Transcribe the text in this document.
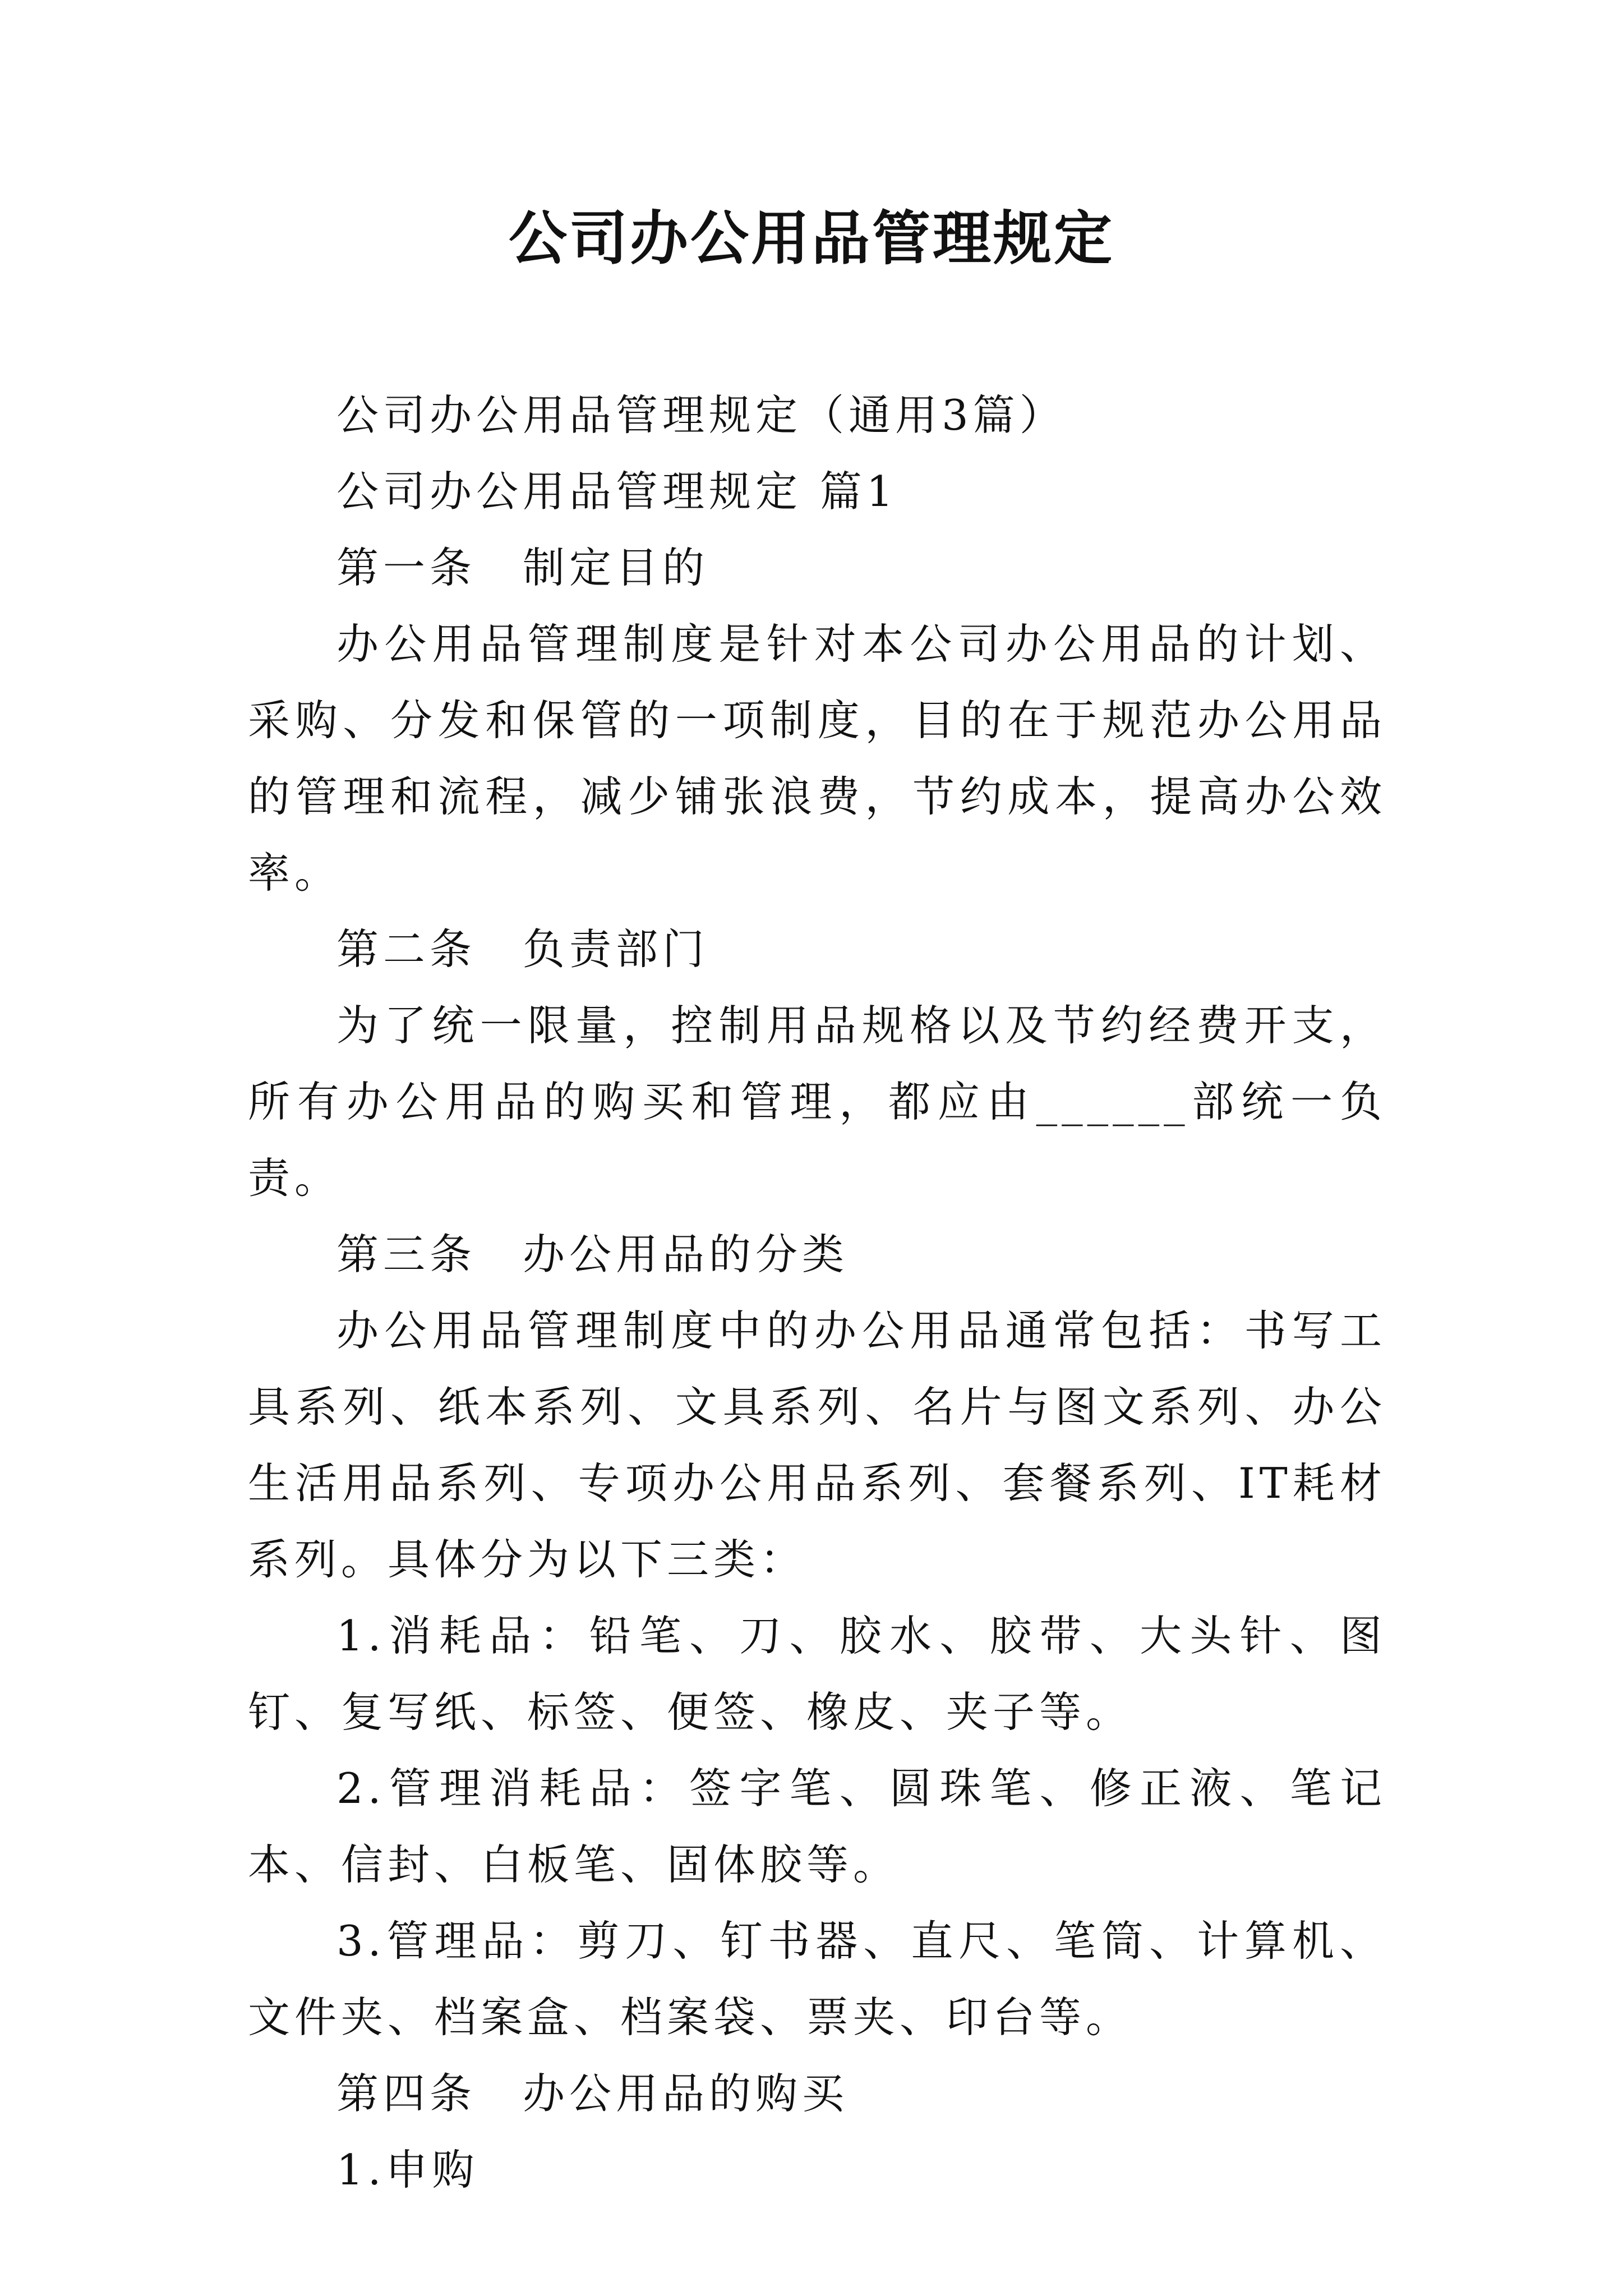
公司办公用品管理规定

公司办公用品管理规定（通用3篇）

公司办公用品管理规定 篇1

第一条　制定目的

办公用品管理制度是针对本公司办公用品的计划、采购、分发和保管的一项制度，目的在于规范办公用品的管理和流程，减少铺张浪费，节约成本，提高办公效率。

第二条　负责部门

为了统一限量，控制用品规格以及节约经费开支，所有办公用品的购买和管理，都应由______部统一负责。

第三条　办公用品的分类

办公用品管理制度中的办公用品通常包括：书写工具系列、纸本系列、文具系列、名片与图文系列、办公生活用品系列、专项办公用品系列、套餐系列、IT耗材系列。具体分为以下三类：

1.消耗品：铅笔、刀、胶水、胶带、大头针、图钉、复写纸、标签、便签、橡皮、夹子等。

2.管理消耗品：签字笔、圆珠笔、修正液、笔记本、信封、白板笔、固体胶等。

3.管理品：剪刀、钉书器、直尺、笔筒、计算机、文件夹、档案盒、档案袋、票夹、印台等。

第四条　办公用品的购买

1.申购
